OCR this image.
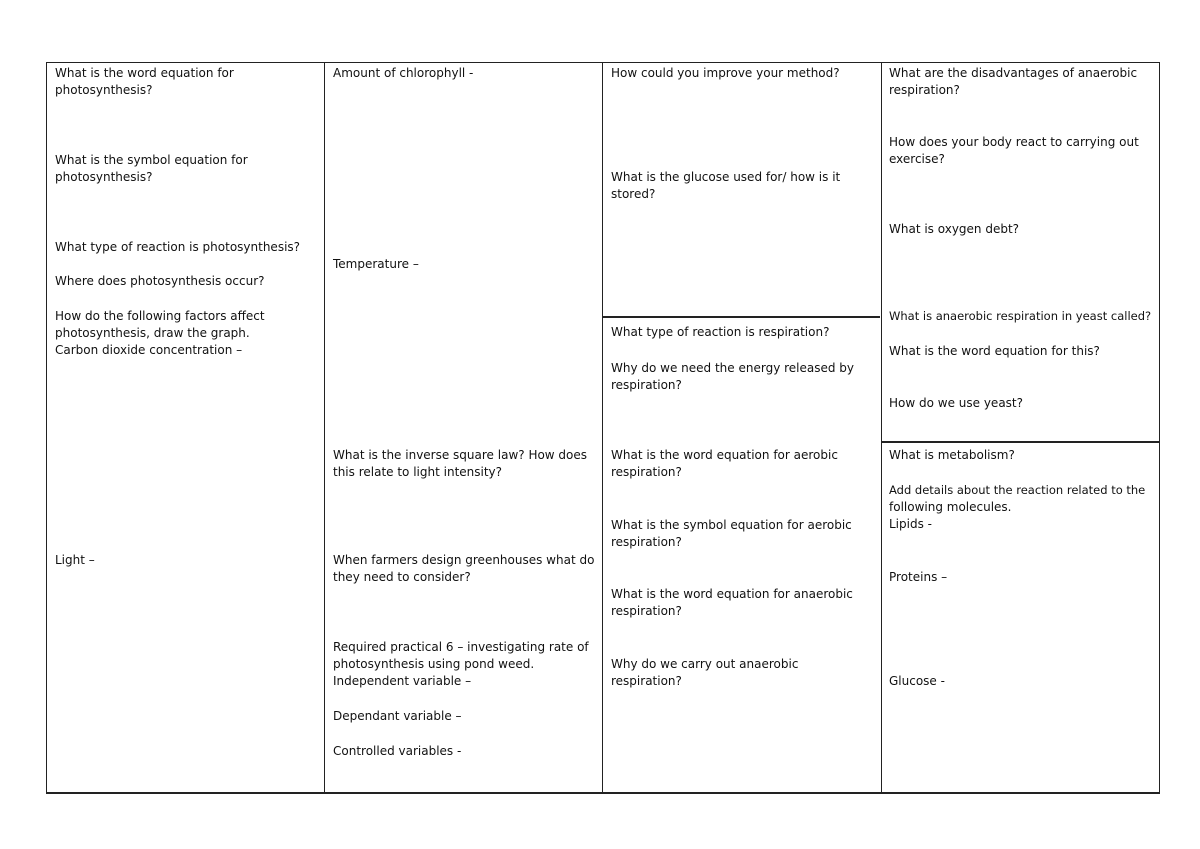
What is the word equation for photosynthesis?

What is the symbol equation for photosynthesis?

What type of reaction is photosynthesis?

Where does photosynthesis occur?

How do the following factors affect

photosynthesis, draw the graph.

Carbon dioxide concentration –

Light –

Amount of chlorophyll -

Temperature –

What is the inverse square law? How does this relate to light intensity?

When farmers design greenhouses what do they need to consider?

Required practical 6 – investigating rate of

photosynthesis using pond weed.

Independent variable –

Dependant variable –

Controlled variables -

How could you improve your method?

What is the glucose used for/ how is it stored?

What type of reaction is respiration?

Why do we need the energy released by respiration?

What is the word equation for aerobic respiration?

What is the symbol equation for aerobic respiration?

What is the word equation for anaerobic respiration?

Why do we carry out anaerobic respiration?

What are the disadvantages of anaerobic respiration?

How does your body react to carrying out exercise?

What is oxygen debt?

What is anaerobic respiration in yeast called?

What is the word equation for this?

How do we use yeast?

What is metabolism?

Add details about the reaction related to the

following molecules.

Lipids -

Proteins –

Glucose -
